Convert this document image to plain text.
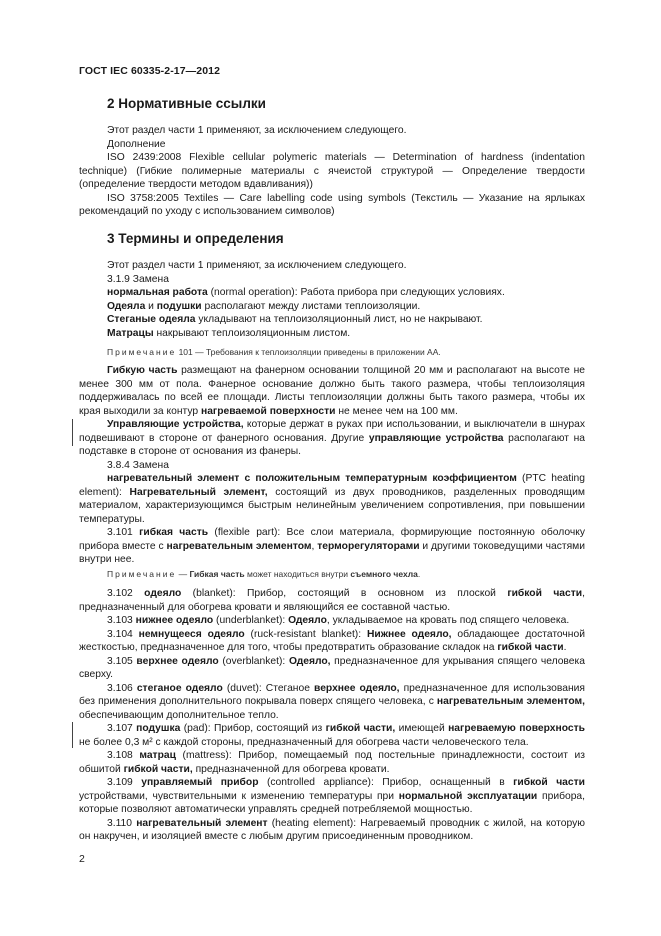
ГОСТ IEC 60335-2-17—2012
2 Нормативные ссылки

Этот раздел части 1 применяют, за исключением следующего.

Дополнение

ISO 2439:2008 Flexible cellular polymeric materials — Determination of hardness (indentation technique) (Гибкие полимерные материалы с ячеистой структурой — Определение твердости (определение твердости методом вдавливания))

ISO 3758:2005 Textiles — Care labelling code using symbols (Текстиль — Указание на ярлыках рекомендаций по уходу с использованием символов)

3 Термины и определения

Этот раздел части 1 применяют, за исключением следующего.

3.1.9 Замена

нормальная работа (normal operation): Работа прибора при следующих условиях.

Одеяла и подушки располагают между листами теплоизоляции.

Стеганые одеяла укладывают на теплоизоляционный лист, но не накрывают.

Матрацы накрывают теплоизоляционным листом.

Примечание 101 — Требования к теплоизоляции приведены в приложении АА.

Гибкую часть размещают на фанерном основании толщиной 20 мм и располагают на высоте не менее 300 мм от пола. Фанерное основание должно быть такого размера, чтобы теплоизоляция поддерживалась по всей ее площади. Листы теплоизоляции должны быть такого размера, чтобы их края выходили за контур нагреваемой поверхности не менее чем на 100 мм.

Управляющие устройства, которые держат в руках при использовании, и выключатели в шнурах подвешивают в стороне от фанерного основания. Другие управляющие устройства располагают на подставке в стороне от основания из фанеры.

3.8.4 Замена

нагревательный элемент с положительным температурным коэффициентом (PTC heating element): Нагревательный элемент, состоящий из двух проводников, разделенных проводящим материалом, характеризующимся быстрым нелинейным увеличением сопротивления, при повышении температуры.

3.101 гибкая часть (flexible part): Все слои материала, формирующие постоянную оболочку прибора вместе с нагревательным элементом, терморегуляторами и другими токоведущими частями внутри нее.

Примечание — Гибкая часть может находиться внутри съемного чехла.

3.102 одеяло (blanket): Прибор, состоящий в основном из плоской гибкой части, предназначенный для обогрева кровати и являющийся ее составной частью.

3.103 нижнее одеяло (underblanket): Одеяло, укладываемое на кровать под спящего человека.

3.104 немнущееся одеяло (ruck-resistant blanket): Нижнее одеяло, обладающее достаточной жесткостью, предназначенное для того, чтобы предотвратить образование складок на гибкой части.

3.105 верхнее одеяло (overblanket): Одеяло, предназначенное для укрывания спящего человека сверху.

3.106 стеганое одеяло (duvet): Стеганое верхнее одеяло, предназначенное для использования без применения дополнительного покрывала поверх спящего человека, с нагревательным элементом, обеспечивающим дополнительное тепло.

3.107 подушка (pad): Прибор, состоящий из гибкой части, имеющей нагреваемую поверхность не более 0,3 м² с каждой стороны, предназначенный для обогрева части человеческого тела.

3.108 матрац (mattress): Прибор, помещаемый под постельные принадлежности, состоит из обшитой гибкой части, предназначенной для обогрева кровати.

3.109 управляемый прибор (controlled appliance): Прибор, оснащенный в гибкой части устройствами, чувствительными к изменению температуры при нормальной эксплуатации прибора, которые позволяют автоматически управлять средней потребляемой мощностью.

3.110 нагревательный элемент (heating element): Нагреваемый проводник с жилой, на которую он накручен, и изоляцией вместе с любым другим присоединенным проводником.

2
